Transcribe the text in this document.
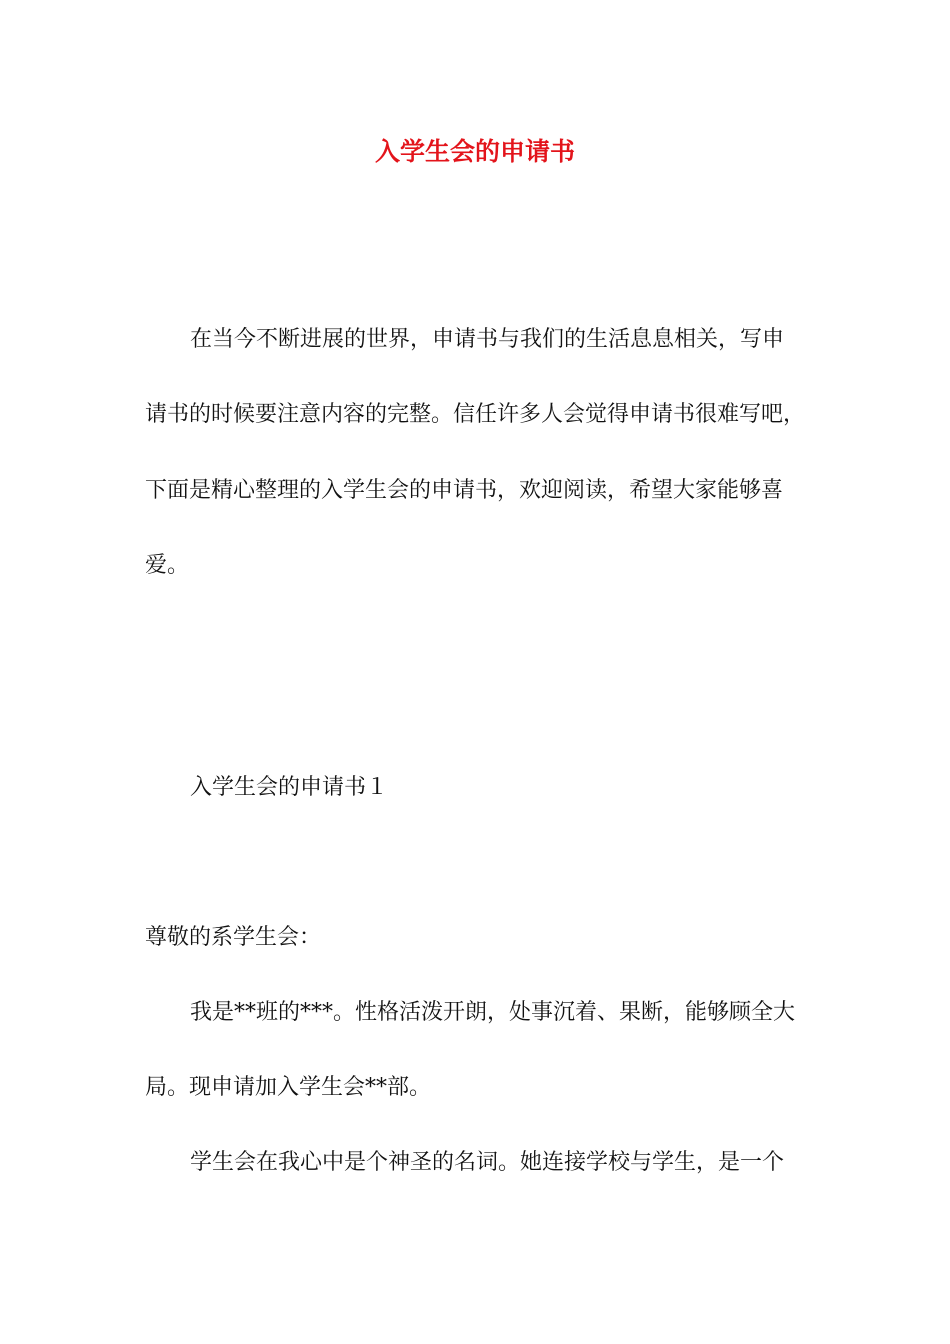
入学生会的申请书
在当今不断进展的世界，申请书与我们的生活息息相关，写申
请书的时候要注意内容的完整。信任许多人会觉得申请书很难写吧，
下面是精心整理的入学生会的申请书，欢迎阅读，希望大家能够喜
爱。
入学生会的申请书１
尊敬的系学生会：
我是**班的***。性格活泼开朗，处事沉着、果断，能够顾全大
局。现申请加入学生会**部。
学生会在我心中是个神圣的名词。她连接学校与学生，是一个
